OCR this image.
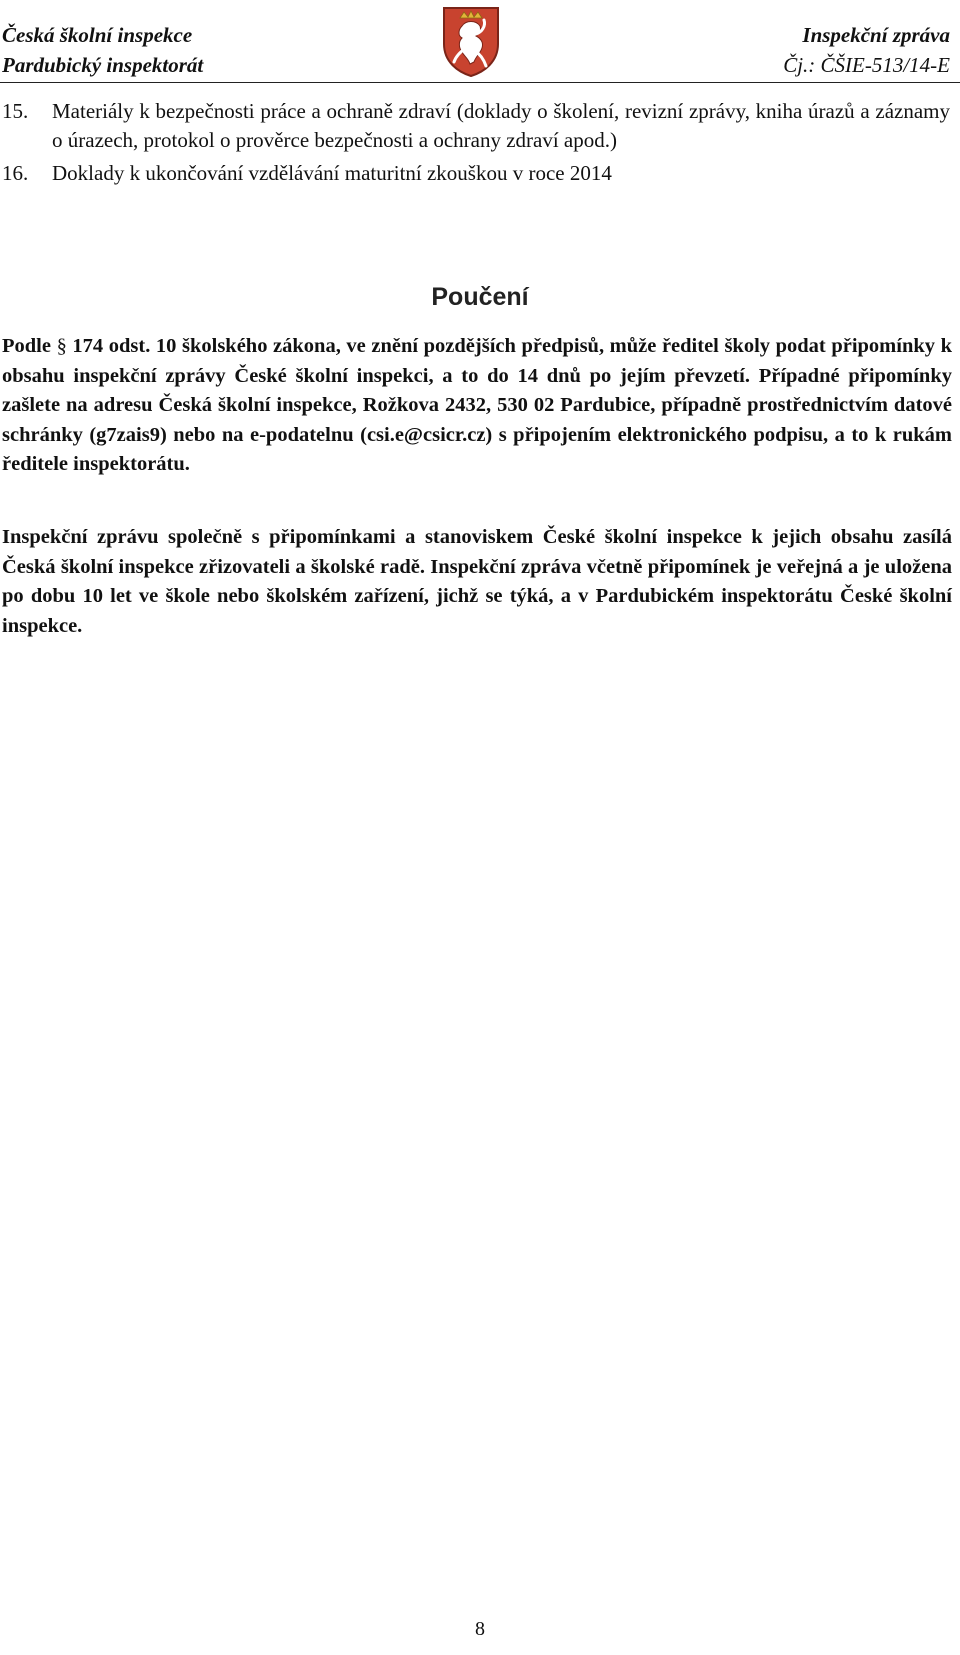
Česká školní inspekce
Pardubický inspektorát
Inspekční zpráva
Čj.: ČŠIE-513/14-E
15. Materiály k bezpečnosti práce a ochraně zdraví (doklady o školení, revizní zprávy, kniha úrazů a záznamy o úrazech, protokol o prověrce bezpečnosti a ochrany zdraví apod.)
16. Doklady k ukončování vzdělávání maturitní zkouškou v roce 2014
Poučení
Podle § 174 odst. 10 školského zákona, ve znění pozdějších předpisů, může ředitel školy podat připomínky k obsahu inspekční zprávy České školní inspekci, a to do 14 dnů po jejím převzetí. Případné připomínky zašlete na adresu Česká školní inspekce, Rožkova 2432, 530 02 Pardubice, případně prostřednictvím datové schránky (g7zais9) nebo na e-podatelnu (csi.e@csicr.cz) s připojením elektronického podpisu, a to k rukám ředitele inspektorátu.
Inspekční zprávu společně s připomínkami a stanoviskem České školní inspekce k jejich obsahu zasílá Česká školní inspekce zřizovateli a školské radě. Inspekční zpráva včetně připomínek je veřejná a je uložena po dobu 10 let ve škole nebo školském zařízení, jichž se týká, a v Pardubickém inspektorátu České školní inspekce.
8
